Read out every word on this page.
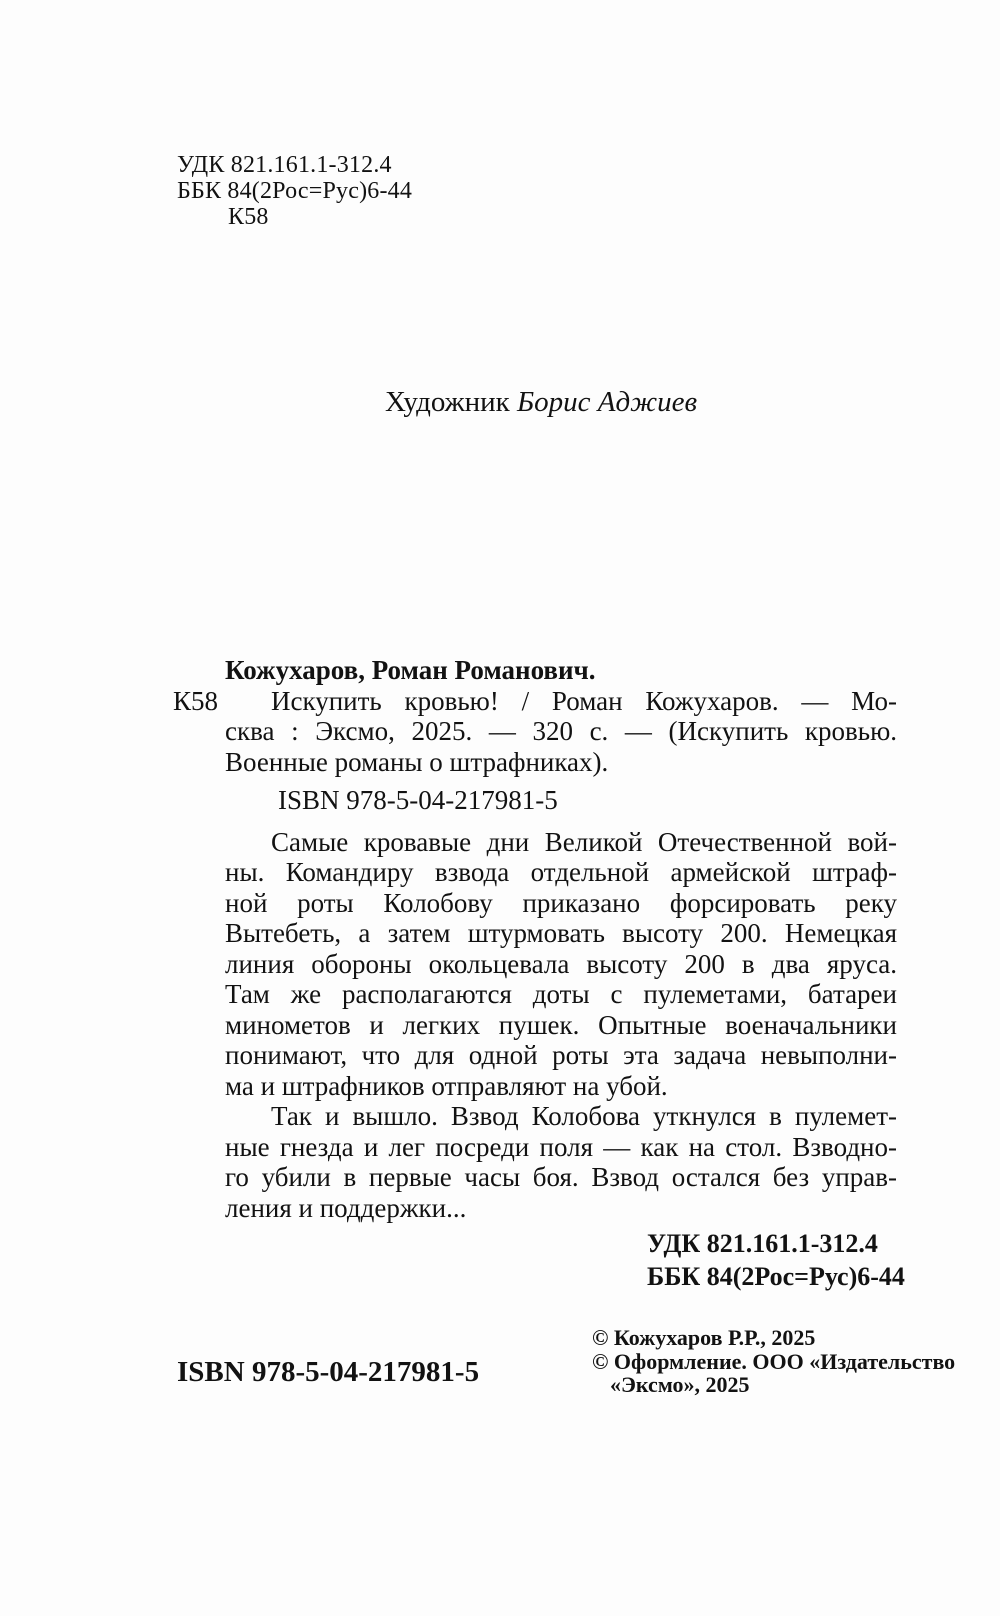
УДК 821.161.1-312.4
ББК 84(2Рос=Рус)6-44
К58
Художник Борис Аджиев
К58
Кожухаров, Роман Романович.
Искупить кровью! / Роман Кожухаров. — Мо-
сква : Эксмо, 2025. — 320 с. — (Искупить кровью.
Военные романы о штрафниках).
ISBN 978-5-04-217981-5
Самые кровавые дни Великой Отечественной вой-
ны. Командиру взвода отдельной армейской штраф-
ной роты Колобову приказано форсировать реку
Вытебеть, а затем штурмовать высоту 200. Немецкая
линия обороны окольцевала высоту 200 в два яруса.
Там же располагаются доты с пулеметами, батареи
минометов и легких пушек. Опытные военачальники
понимают, что для одной роты эта задача невыполни-
ма и штрафников отправляют на убой.
Так и вышло. Взвод Колобова уткнулся в пулемет-
ные гнезда и лег посреди поля — как на стол. Взводно-
го убили в первые часы боя. Взвод остался без управ-
ления и поддержки...
УДК 821.161.1-312.4
ББК 84(2Рос=Рус)6-44
ISBN 978-5-04-217981-5
© Кожухаров Р.Р., 2025
© Оформление. ООО «Издательство
«Эксмо», 2025
